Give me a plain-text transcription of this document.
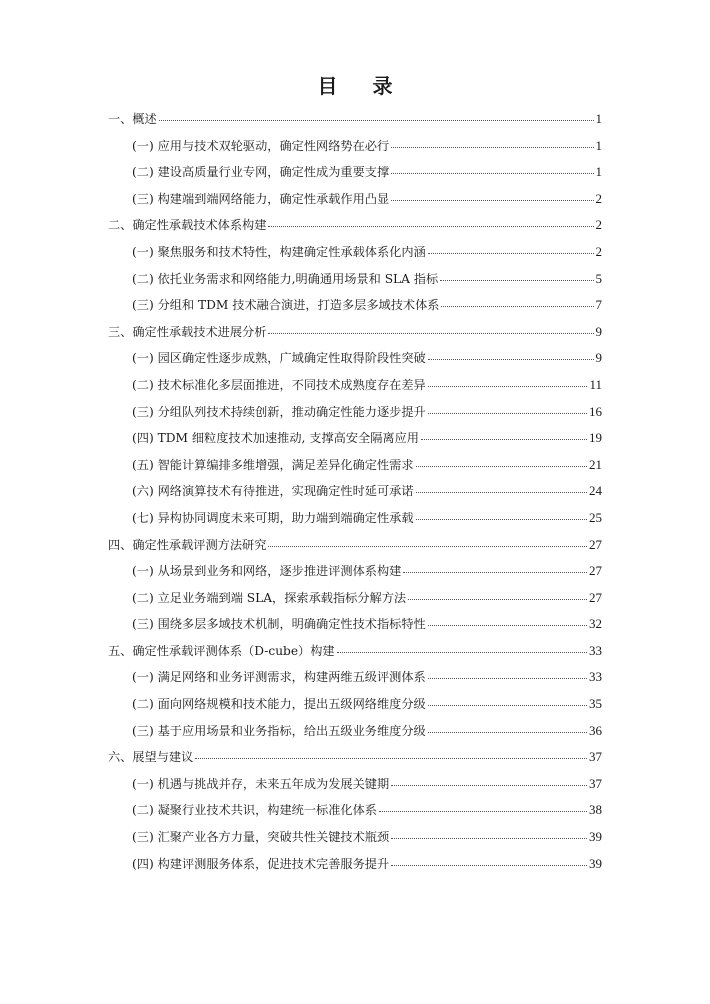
目 录
一、概述	1
(一) 应用与技术双轮驱动，确定性网络势在必行	1
(二) 建设高质量行业专网，确定性成为重要支撑	1
(三) 构建端到端网络能力，确定性承载作用凸显	2
二、确定性承载技术体系构建	2
(一) 聚焦服务和技术特性，构建确定性承载体系化内涵	2
(二) 依托业务需求和网络能力,明确通用场景和 SLA 指标	5
(三) 分组和 TDM 技术融合演进，打造多层多域技术体系	7
三、确定性承载技术进展分析	9
(一) 园区确定性逐步成熟，广域确定性取得阶段性突破	9
(二) 技术标准化多层面推进，不同技术成熟度存在差异	11
(三) 分组队列技术持续创新，推动确定性能力逐步提升	16
(四) TDM 细粒度技术加速推动, 支撑高安全隔离应用	19
(五) 智能计算编排多维增强，满足差异化确定性需求	21
(六) 网络演算技术有待推进，实现确定性时延可承诺	24
(七) 异构协同调度未来可期，助力端到端确定性承载	25
四、确定性承载评测方法研究	27
(一) 从场景到业务和网络，逐步推进评测体系构建	27
(二) 立足业务端到端 SLA，探索承载指标分解方法	27
(三) 围绕多层多域技术机制，明确确定性技术指标特性	32
五、确定性承载评测体系（D-cube）构建	33
(一) 满足网络和业务评测需求，构建两维五级评测体系	33
(二) 面向网络规模和技术能力，提出五级网络维度分级	35
(三) 基于应用场景和业务指标，给出五级业务维度分级	36
六、展望与建议	37
(一) 机遇与挑战并存，未来五年成为发展关键期	37
(二) 凝聚行业技术共识，构建统一标准化体系	38
(三) 汇聚产业各方力量，突破共性关键技术瓶颈	39
(四) 构建评测服务体系，促进技术完善服务提升	39
